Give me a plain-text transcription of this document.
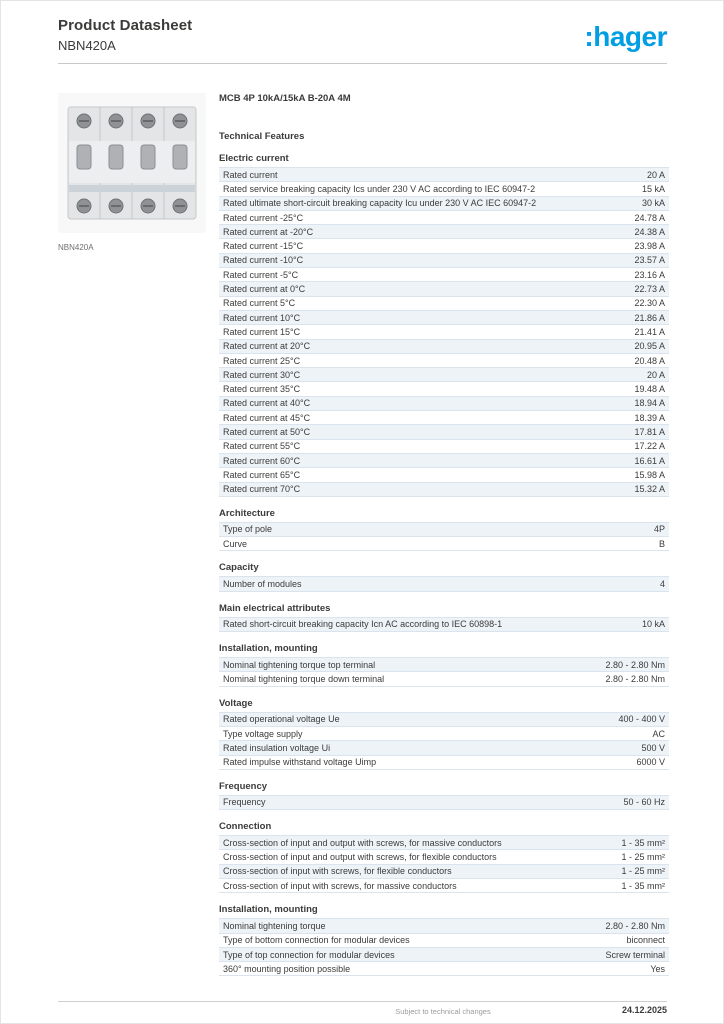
Product Datasheet
NBN420A	:hager
NBN420A
MCB 4P 10kA/15kA B-20A 4M
Technical Features
Electric current
Rated current	20 A
Rated service breaking capacity Ics under 230 V AC according to IEC 60947-2	15 kA
Rated ultimate short-circuit breaking capacity Icu under 230 V AC IEC 60947-2	30 kA
Rated current -25°C	24.78 A
Rated current at -20°C	24.38 A
Rated current -15°C	23.98 A
Rated current -10°C	23.57 A
Rated current -5°C	23.16 A
Rated current at 0°C	22.73 A
Rated current 5°C	22.30 A
Rated current 10°C	21.86 A
Rated current 15°C	21.41 A
Rated current at 20°C	20.95 A
Rated current 25°C	20.48 A
Rated current 30°C	20 A
Rated current 35°C	19.48 A
Rated current at 40°C	18.94 A
Rated current at 45°C	18.39 A
Rated current at 50°C	17.81 A
Rated current 55°C	17.22 A
Rated current 60°C	16.61 A
Rated current 65°C	15.98 A
Rated current 70°C	15.32 A
Architecture
Type of pole	4P
Curve	B
Capacity
Number of modules	4
Main electrical attributes
Rated short-circuit breaking capacity Icn AC according to IEC 60898-1	10 kA
Installation, mounting
Nominal tightening torque top terminal	2.80 - 2.80 Nm
Nominal tightening torque down terminal	2.80 - 2.80 Nm
Voltage
Rated operational voltage Ue	400 - 400 V
Type voltage supply	AC
Rated insulation voltage Ui	500 V
Rated impulse withstand voltage Uimp	6000 V
Frequency
Frequency	50 - 60 Hz
Connection
Cross-section of input and output with screws, for massive conductors	1 - 35 mm²
Cross-section of input and output with screws, for flexible conductors	1 - 25 mm²
Cross-section of input with screws, for flexible conductors	1 - 25 mm²
Cross-section of input with screws, for massive conductors	1 - 35 mm²
Installation, mounting
Nominal tightening torque	2.80 - 2.80 Nm
Type of bottom connection for modular devices	biconnect
Type of top connection for modular devices	Screw terminal
360° mounting position possible	Yes
Subject to technical changes	24.12.2025
